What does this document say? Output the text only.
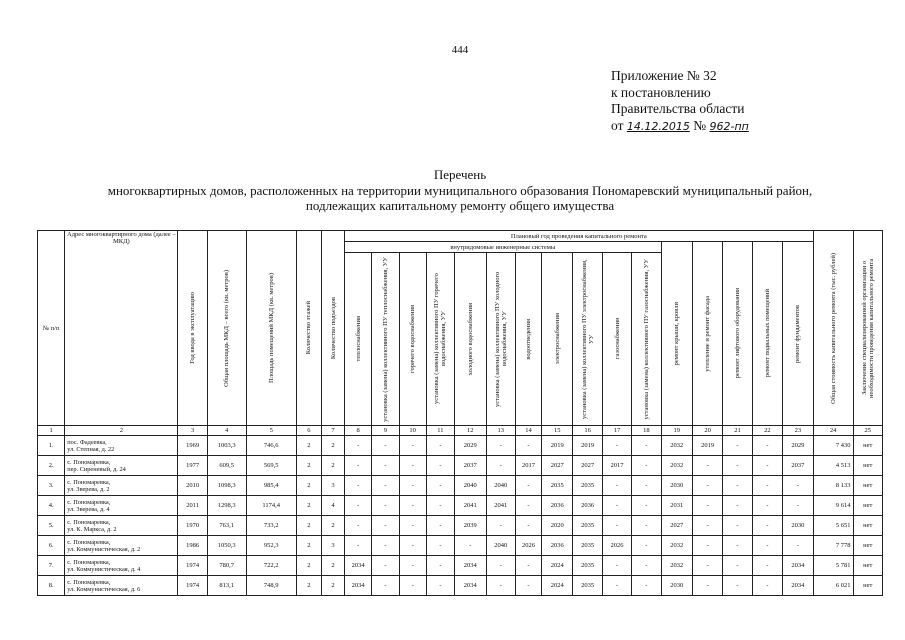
444
Приложение № 32
к постановлению
Правительства области
от 14.12.2015 № 962-пп
Перечень
многоквартирных домов, расположенных на территории муниципального образования Пономаревский муниципальный район,
подлежащих капитальному ремонту общего имущества
№ п/п	Адрес многоквартирного дома (далее – МКД)	Год ввода в эксплуатацию	Общая площадь МКД – всего (кв. метров)	Площадь помещений МКД (кв. метров)	Количество этажей	Количество подъездов	Плановый год проведения капитального ремонта																Общая стоимость капитального ремонта (тыс. рублей)	Заключение специализированной организации о необходимости проведения капитального ремонта

							внутридомовые инженерные системы											ремонт крыши, кровли	утепление и ремонт фасада	ремонт лифтового оборудования	ремонт подвальных помещений	ремонт фундаментов		

							теплоснабжения	установка (замена) коллективного ПУ теплоснабжения, УУ	горячего водоснабжения	установка (замена) коллективного ПУ горячего водоснабжения, УУ	холодного водоснабжения	установка (замена) коллективного ПУ холодного водоснабжения, УУ	водоотведения	электроснабжения	установка (замена) коллективного ПУ электроснабжения, УУ	газоснабжения	установка (замена) коллективного ПУ газоснабжения, УУ							

1	2	3	4	5	6	7	8	9	10	11	12	13	14	15	16	17	18	19	20	21	22	23	24	25
1.	пос. Фадеевка,
ул. Степная, д. 22	1969	1003,3	746,6	2	2	-	-	-	-	2029	-	-	2019	2019	-	-	2032	2019	-	-	2029	7 430	нет
2.	с. Пономаревка,
пер. Сиреневый, д. 24	1977	609,5	569,5	2	2	-	-	-	-	2037	-	2017	2027	2027	2017	-	2032	-	-	-	2037	4 513	нет
3.	с. Пономаревка,
ул. Зверева, д. 2	2010	1098,3	985,4	2	3	-	-	-	-	2040	2040	-	2035	2035	-	-	2030	-	-	-	-	8 133	нет
4.	с. Пономаревка,
ул. Зверева, д. 4	2011	1298,3	1174,4	2	4	-	-	-	-	2041	2041	-	2036	2036	-	-	2031	-	-	-	-	9 614	нет
5.	с. Пономаревка,
ул. К. Маркса, д. 2	1970	763,1	733,2	2	2	-	-	-	-	2039	-	-	2020	2035	-	-	2027	-	-	-	2030	5 651	нет
6.	с. Пономаревка,
ул. Коммунистическая, д. 2	1986	1050,3	952,3	2	3	-	-	-	-	-	2040	2026	2036	2035	2026	-	2032	-	-	-	-	7 778	нет
7.	с. Пономаревка,
ул. Коммунистическая, д. 4	1974	780,7	722,2	2	2	2034	-	-	-	2034	-	-	2024	2035	-	-	2032	-	-	-	2034	5 781	нет
8.	с. Пономаревка,
ул. Коммунистическая, д. 6	1974	813,1	748,9	2	2	2034	-	-	-	2034	-	-	2024	2035	-	-	2030	-	-	-	2034	6 021	нет
